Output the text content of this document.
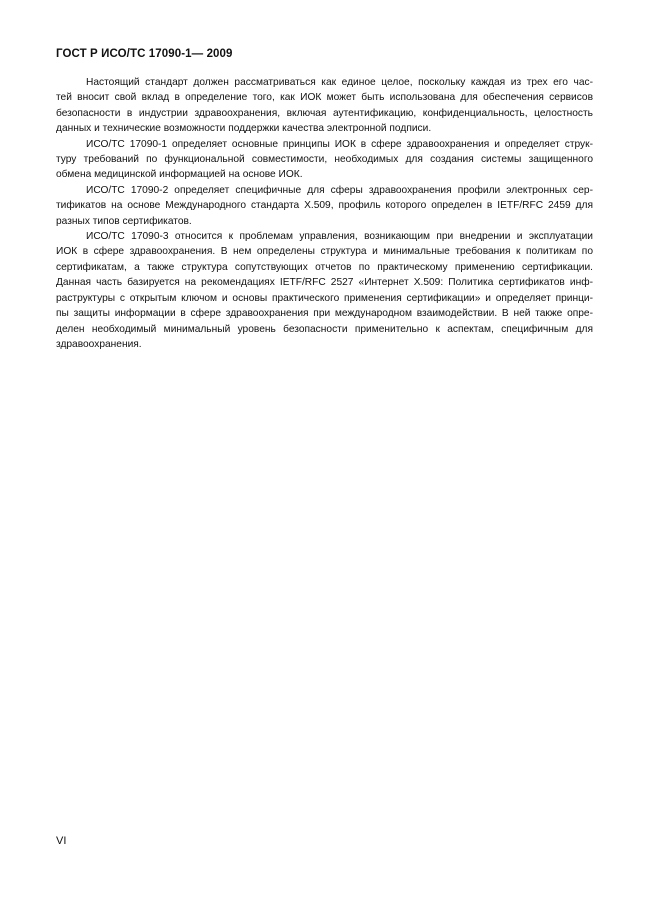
ГОСТ Р ИСО/ТС 17090-1— 2009
Настоящий стандарт должен рассматриваться как единое целое, поскольку каждая из трех его час-
тей вносит свой вклад в определение того, как ИОК может быть использована для обеспечения сервисов
безопасности в индустрии здравоохранения, включая аутентификацию, конфиденциальность, целостность
данных и технические возможности поддержки качества электронной подписи.
ИСО/ТС 17090-1 определяет основные принципы ИОК в сфере здравоохранения и определяет струк-
туру требований по функциональной совместимости, необходимых для создания системы защищенного
обмена медицинской информацией на основе ИОК.
ИСО/ТС 17090-2 определяет специфичные для сферы здравоохранения профили электронных сер-
тификатов на основе Международного стандарта Х.509, профиль которого определен в IETF/RFC 2459 для
разных типов сертификатов.
ИСО/ТС 17090-3 относится к проблемам управления, возникающим при внедрении и эксплуатации
ИОК в сфере здравоохранения. В нем определены структура и минимальные требования к политикам по
сертификатам, а также структура сопутствующих отчетов по практическому применению сертификации.
Данная часть базируется на рекомендациях IETF/RFC 2527 «Интернет Х.509: Политика сертификатов инф-
раструктуры с открытым ключом и основы практического применения сертификации» и определяет принци-
пы защиты информации в сфере здравоохранения при международном взаимодействии. В ней также опре-
делен необходимый минимальный уровень безопасности применительно к аспектам, специфичным для
здравоохранения.
VI
